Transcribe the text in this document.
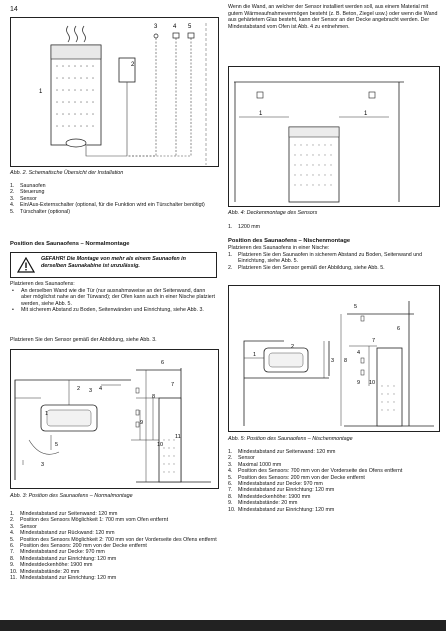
14
1
2
3	4 5
Abb. 2. Schematische Übersicht der Installation
1.	Saunaofen
2.	Steuerung
3.	Sensor
4.	Ein/Aus-Externschalter (optional, für die Funktion wird ein Türschalter benötigt)
5.	Türschalter (optional)
Position des Saunaofens – Normalmontage
GEFAHR! Die Montage von mehr als einem Saunaofen in derselben Saunakabine ist unzulässig.
Platzieren des Saunaofens:
•	An derselben Wand wie die Tür (nur ausnahmsweise an der Seitenwand, dann aber möglichst nahe an der Türwand); der Ofen kann auch in einer Nische platziert werden, siehe Abb. 5.
•	Mit sicherem Abstand zu Boden, Seitenwänden und Einrichtung, siehe Abb. 3.
Platzieren Sie den Sensor gemäß der Abbildung, siehe Abb. 3.
1
2 3 4
5
6
7
8
9
10
11
3
Abb. 3: Position des Saunaofens – Normalmontage
1.	Mindestabstand zur Seitenwand: 120 mm
2.	Position des Sensors Möglichkeit 1: 700 mm vom Ofen entfernt
3.	Sensor
4.	Mindestabstand zur Rückwand: 120 mm
5.	Position des Sensors Möglichkeit 2: 700 mm von der Vorderseite des Ofens entfernt
6.	Position des Sensors: 200 mm von der Decke entfernt
7.	Mindestabstand zur Decke: 970 mm
8.	Mindestabstand zur Einrichtung: 120 mm
9.	Mindestdeckenhöhe: 1900 mm
10. Mindestabstände: 20 mm
11. Mindestabstand zur Einrichtung: 120 mm
Wenn die Wand, an welcher der Sensor installiert werden soll, aus einem Material mit gutem Wärmeaufnahmevermögen besteht (z. B. Beton, Ziegel usw.) oder wenn die Wand aus gehärtetem Glas besteht, kann der Sensor an der Decke angebracht werden. Der Mindestabstand vom Ofen ist Abb. 4 zu entnehmen.
1	1
Abb. 4: Deckenmontage des Sensors
1.	1200 mm
Position des Saunaofens – Nischenmontage
Platzieren des Saunaofens in einer Nische:
1.	Platzieren Sie den Saunaofen in sicherem Abstand zu Boden, Seitenwand und Einrichtung, siehe Abb. 5.
2.	Platzieren Sie den Sensor gemäß der Abbildung, siehe Abb. 5.
1
2
3
4
5
6
7
8
9 10
Abb. 5: Position des Saunaofens – Nischenmontage
1.	Mindestabstand zur Seitenwand: 120 mm
2.	Sensor
3.	Maximal 1000 mm
4.	Position des Sensors: 700 mm von der Vorderseite des Ofens entfernt
5.	Position des Sensors: 200 mm von der Decke entfernt
6.	Mindestabstand zur Decke: 970 mm
7.	Mindestabstand zur Einrichtung: 120 mm
8.	Mindestdeckenhöhe: 1900 mm
9.	Mindestabstände: 20 mm
10. Mindestabstand zur Einrichtung: 120 mm
